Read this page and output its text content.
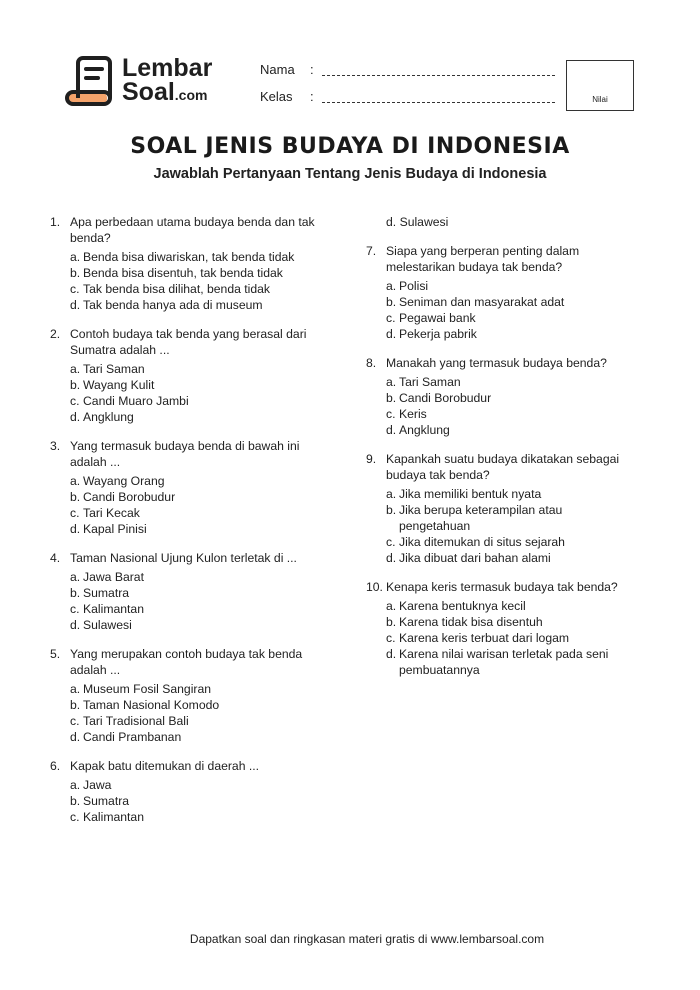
Lembar
Soal.com
Nama :
Kelas :	Nilai
SOAL JENIS BUDAYA DI INDONESIA
Jawablah Pertanyaan Tentang Jenis Budaya di Indonesia
1. Apa perbedaan utama budaya benda dan tak benda?
a. Benda bisa diwariskan, tak benda tidak
b. Benda bisa disentuh, tak benda tidak
c. Tak benda bisa dilihat, benda tidak
d. Tak benda hanya ada di museum
2. Contoh budaya tak benda yang berasal dari Sumatra adalah ...
a. Tari Saman
b. Wayang Kulit
c. Candi Muaro Jambi
d. Angklung
3. Yang termasuk budaya benda di bawah ini adalah ...
a. Wayang Orang
b. Candi Borobudur
c. Tari Kecak
d. Kapal Pinisi
4. Taman Nasional Ujung Kulon terletak di ...
a. Jawa Barat
b. Sumatra
c. Kalimantan
d. Sulawesi
5. Yang merupakan contoh budaya tak benda adalah ...
a. Museum Fosil Sangiran
b. Taman Nasional Komodo
c. Tari Tradisional Bali
d. Candi Prambanan
6. Kapak batu ditemukan di daerah ...
a. Jawa
b. Sumatra
c. Kalimantan
d. Sulawesi
7. Siapa yang berperan penting dalam melestarikan budaya tak benda?
a. Polisi
b. Seniman dan masyarakat adat
c. Pegawai bank
d. Pekerja pabrik
8. Manakah yang termasuk budaya benda?
a. Tari Saman
b. Candi Borobudur
c. Keris
d. Angklung
9. Kapankah suatu budaya dikatakan sebagai budaya tak benda?
a. Jika memiliki bentuk nyata
b. Jika berupa keterampilan atau pengetahuan
c. Jika ditemukan di situs sejarah
d. Jika dibuat dari bahan alami
10. Kenapa keris termasuk budaya tak benda?
a. Karena bentuknya kecil
b. Karena tidak bisa disentuh
c. Karena keris terbuat dari logam
d. Karena nilai warisan terletak pada seni pembuatannya
Dapatkan soal dan ringkasan materi gratis di www.lembarsoal.com
